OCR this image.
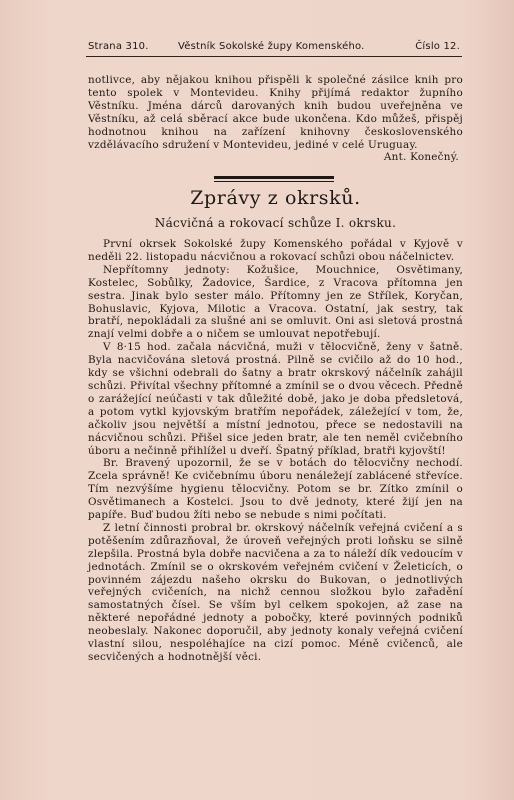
Strana 310.	Věstník Sokolské župy Komenského.	Číslo 12.

notlivce, aby nějakou knihou přispěli k společné zásilce knih pro tento spolek v Montevideu. Knihy přijímá redaktor župního Věstníku. Jména dárců darovaných knih budou uveřejněna ve Věstníku, až celá sběrací akce bude ukončena. Kdo můžeš, přispěj hodnotnou knihou na zařízení knihovny československého vzdělávacího sdružení v Montevideu, jediné v celé Uruguay.

Ant. Konečný.

Zprávy z okrsků.
Nácvičná a rokovací schůze I. okrsku.

První okrsek Sokolské župy Komenského pořádal v Kyjově v neděli 22. listopadu nácvičnou a rokovací schůzi obou náčelnictev.

Nepřítomny jednoty: Kožušice, Mouchnice, Osvětimany, Kostelec, Sobůlky, Žadovice, Šardice, z Vracova přítomna jen sestra. Jinak bylo sester málo. Přítomny jen ze Střílek, Koryčan, Bohuslavic, Kyjova, Milotic a Vracova. Ostatní, jak sestry, tak bratří, nepokládali za slušné ani se omluvit. Oni asi sletová prostná znají velmi dobře a o ničem se umlouvat nepotřebují.

V 8·15 hod. začala nácvičná, muži v tělocvičně, ženy v šatně. Byla nacvičována sletová prostná. Pilně se cvičilo až do 10 hod., kdy se všichni odebrali do šatny a bratr okrskový náčelník zahájil schůzi. Přivítal všechny přítomné a zmínil se o dvou věcech. Předně o zarážející neúčasti v tak důležité době, jako je doba předsletová, a potom vytkl kyjovským bratřím nepořádek, záležející v tom, že, ačkoliv jsou největší a místní jednotou, přece se nedostavili na nácvičnou schůzi. Přišel sice jeden bratr, ale ten neměl cvičebního úboru a nečinně přihlížel u dveří. Špatný příklad, bratři kyjovští!

Br. Bravený upozornil, že se v botách do tělocvičny nechodí. Zcela správně! Ke cvičebnímu úboru nenáležejí zablácené střevíce. Tím nezvýšíme hygienu tělocvičny. Potom se br. Zítko zmínil o Osvětimanech a Kostelci. Jsou to dvě jednoty, které žijí jen na papíře. Buď budou žíti nebo se nebude s nimi počítati.

Z letní činnosti probral br. okrskový náčelník veřejná cvičení a s potěšením zdůrazňoval, že úroveň veřejných proti loňsku se silně zlepšila. Prostná byla dobře nacvičena a za to náleží dík vedoucím v jednotách. Zmínil se o okrskovém veřejném cvičení v Želeticích, o povinném zájezdu našeho okrsku do Bukovan, o jednotlivých veřejných cvičeních, na nichž cennou složkou bylo zařadění samostatných čísel. Se vším byl celkem spokojen, až zase na některé nepořádné jednoty a pobočky, které povinných podniků neobeslaly. Nakonec doporučil, aby jednoty konaly veřejná cvičení vlastní silou, nespoléhajíce na cizí pomoc. Méně cvičenců, ale secvičených a hodnotnější věci.
